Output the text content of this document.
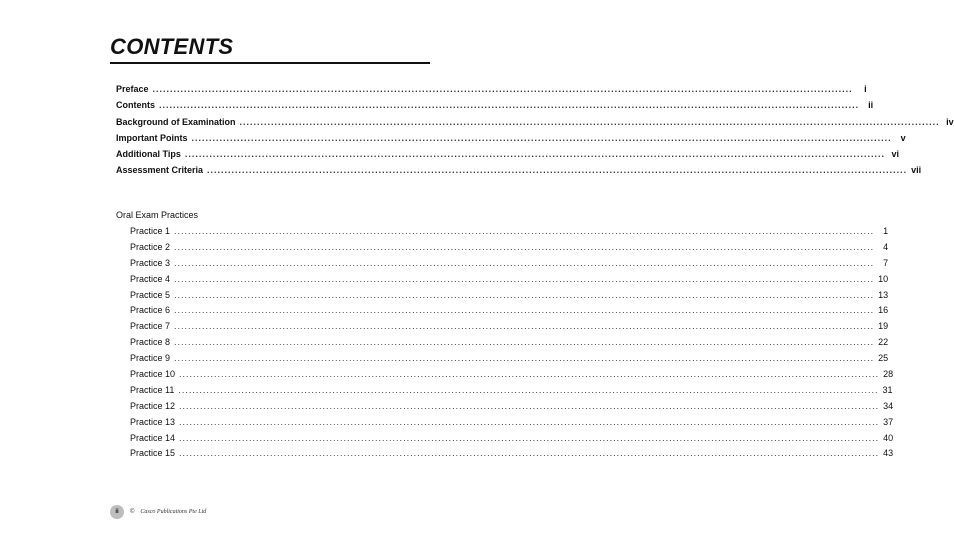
CONTENTS
Preface ........................................................................................................................................................................................................	i
Contents ........................................................................................................................................................................................................ ii
Background of Examination ........................................................................................................................................................................................................ iv
Important Points ........................................................................................................................................................................................................ v
Additional Tips ........................................................................................................................................................................................................ vi
Assessment Criteria ........................................................................................................................................................................................................ vii
Oral Exam Practices
Practice 1 ........................................................................................................................................................................................................ 1
Practice 2 ........................................................................................................................................................................................................ 4
Practice 3 ........................................................................................................................................................................................................ 7
Practice 4 ........................................................................................................................................................................................................ 10
Practice 5 ........................................................................................................................................................................................................ 13
Practice 6 ........................................................................................................................................................................................................ 16
Practice 7 ........................................................................................................................................................................................................ 19
Practice 8 ........................................................................................................................................................................................................ 22
Practice 9 ........................................................................................................................................................................................................ 25
Practice 10 ........................................................................................................................................................................................................ 28
Practice 11 ........................................................................................................................................................................................................ 31
Practice 12 ........................................................................................................................................................................................................ 34
Practice 13 ........................................................................................................................................................................................................ 37
Practice 14 ........................................................................................................................................................................................................ 40
Practice 15 ........................................................................................................................................................................................................ 43
ii	© Casco Publications Pte Ltd
